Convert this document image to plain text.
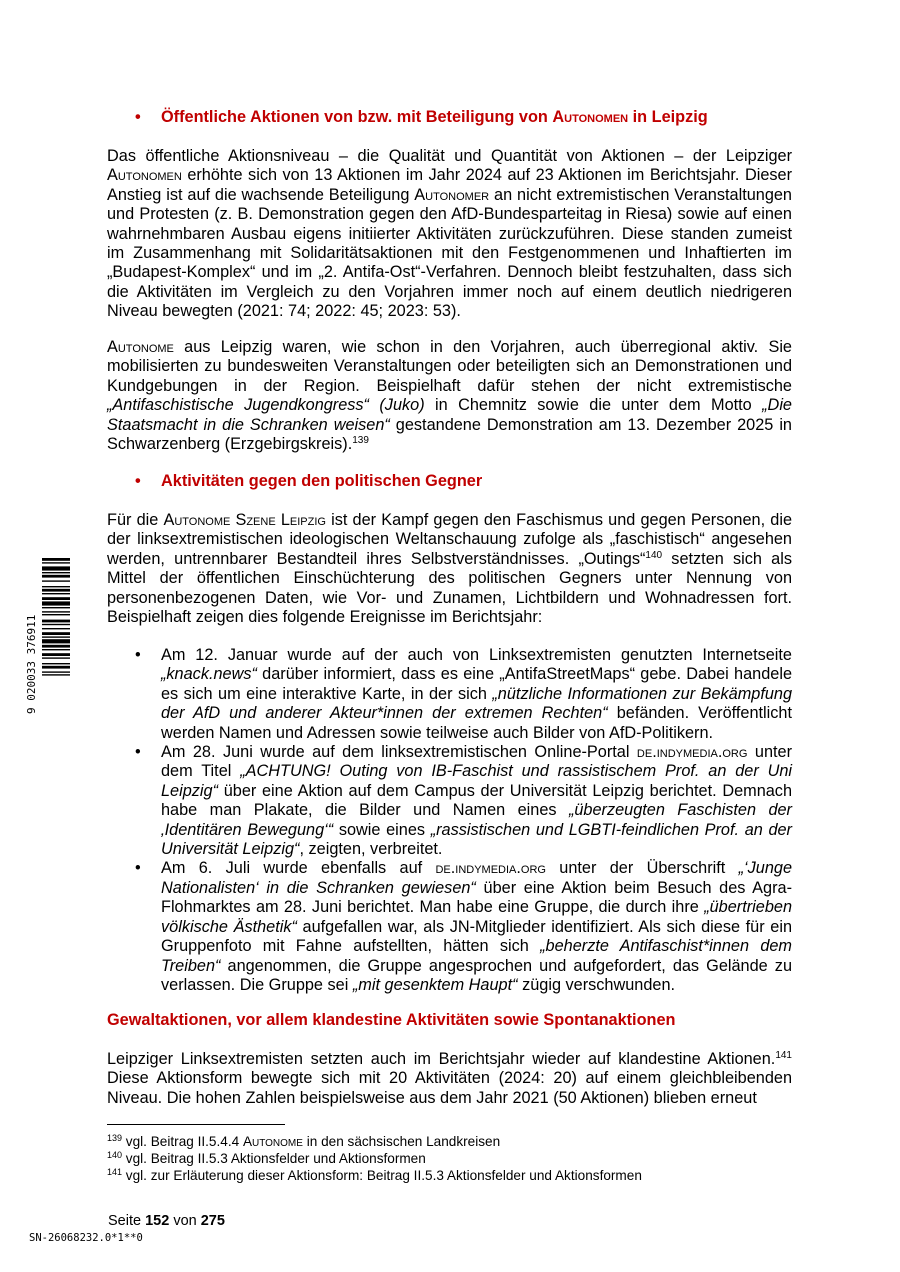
• Öffentliche Aktionen von bzw. mit Beteiligung von Autonomen in Leipzig

Das öffentliche Aktionsniveau – die Qualität und Quantität von Aktionen – der Leipziger Autonomen erhöhte sich von 13 Aktionen im Jahr 2024 auf 23 Aktionen im Berichtsjahr. Dieser Anstieg ist auf die wachsende Beteiligung Autonomer an nicht extremistischen Veranstaltungen und Protesten (z. B. Demonstration gegen den AfD-Bundesparteitag in Riesa) sowie auf einen wahrnehmbaren Ausbau eigens initiierter Aktivitäten zurückzuführen. Diese standen zumeist im Zusammenhang mit Solidaritätsaktionen mit den Festgenommenen und Inhaftierten im „Budapest-Komplex“ und im „2. Antifa-Ost“-Verfahren. Dennoch bleibt festzuhalten, dass sich die Aktivitäten im Vergleich zu den Vorjahren immer noch auf einem deutlich niedrigeren Niveau bewegten (2021: 74; 2022: 45; 2023: 53).

Autonome aus Leipzig waren, wie schon in den Vorjahren, auch überregional aktiv. Sie mobilisierten zu bundesweiten Veranstaltungen oder beteiligten sich an Demonstrationen und Kundgebungen in der Region. Beispielhaft dafür stehen der nicht extremistische „Antifaschistische Jugendkongress“ (Juko) in Chemnitz sowie die unter dem Motto „Die Staatsmacht in die Schranken weisen“ gestandene Demonstration am 13. Dezember 2025 in Schwarzenberg (Erzgebirgskreis).$^{139}$

• Aktivitäten gegen den politischen Gegner

Für die Autonome Szene Leipzig ist der Kampf gegen den Faschismus und gegen Personen, die der linksextremistischen ideologischen Weltanschauung zufolge als „faschistisch“ angesehen werden, untrennbarer Bestandteil ihres Selbstverständnisses. „Outings“$^{140}$ setzten sich als Mittel der öffentlichen Einschüchterung des politischen Gegners unter Nennung von personenbezogenen Daten, wie Vor- und Zunamen, Lichtbildern und Wohnadressen fort. Beispielhaft zeigen dies folgende Ereignisse im Berichtsjahr:

• Am 12. Januar wurde auf der auch von Linksextremisten genutzten Internetseite „knack.news“ darüber informiert, dass es eine „AntifaStreetMaps“ gebe. Dabei handele es sich um eine interaktive Karte, in der sich „nützliche Informationen zur Bekämpfung der AfD und anderer Akteur*innen der extremen Rechten“ befänden. Veröffentlicht werden Namen und Adressen sowie teilweise auch Bilder von AfD-Politikern.
• Am 28. Juni wurde auf dem linksextremistischen Online-Portal de.indymedia.org unter dem Titel „ACHTUNG! Outing von IB-Faschist und rassistischem Prof. an der Uni Leipzig“ über eine Aktion auf dem Campus der Universität Leipzig berichtet. Demnach habe man Plakate, die Bilder und Namen eines „überzeugten Faschisten der ‚Identitären Bewegung‘“ sowie eines „rassistischen und LGBTI-feindlichen Prof. an der Universität Leipzig“, zeigten, verbreitet.
• Am 6. Juli wurde ebenfalls auf de.indymedia.org unter der Überschrift „‘Junge Nationalisten‘ in die Schranken gewiesen“ über eine Aktion beim Besuch des Agra-Flohmarktes am 28. Juni berichtet. Man habe eine Gruppe, die durch ihre „übertrieben völkische Ästhetik“ aufgefallen war, als JN-Mitglieder identifiziert. Als sich diese für ein Gruppenfoto mit Fahne aufstellten, hätten sich „beherzte Antifaschist*innen dem Treiben“ angenommen, die Gruppe angesprochen und aufgefordert, das Gelände zu verlassen. Die Gruppe sei „mit gesenktem Haupt“ zügig verschwunden.
Gewaltaktionen, vor allem klandestine Aktivitäten sowie Spontanaktionen

Leipziger Linksextremisten setzten auch im Berichtsjahr wieder auf klandestine Aktionen.$^{141}$ Diese Aktionsform bewegte sich mit 20 Aktivitäten (2024: 20) auf einem gleichbleibenden Niveau. Die hohen Zahlen beispielsweise aus dem Jahr 2021 (50 Aktionen) blieben erneut

$^{139}$ vgl. Beitrag II.5.4.4 Autonome in den sächsischen Landkreisen
$^{140}$ vgl. Beitrag II.5.3 Aktionsfelder und Aktionsformen
$^{141}$ vgl. zur Erläuterung dieser Aktionsform: Beitrag II.5.3 Aktionsfelder und Aktionsformen
Seite 152 von 275
SN-26068232.0*1**0
9 020033 376911
